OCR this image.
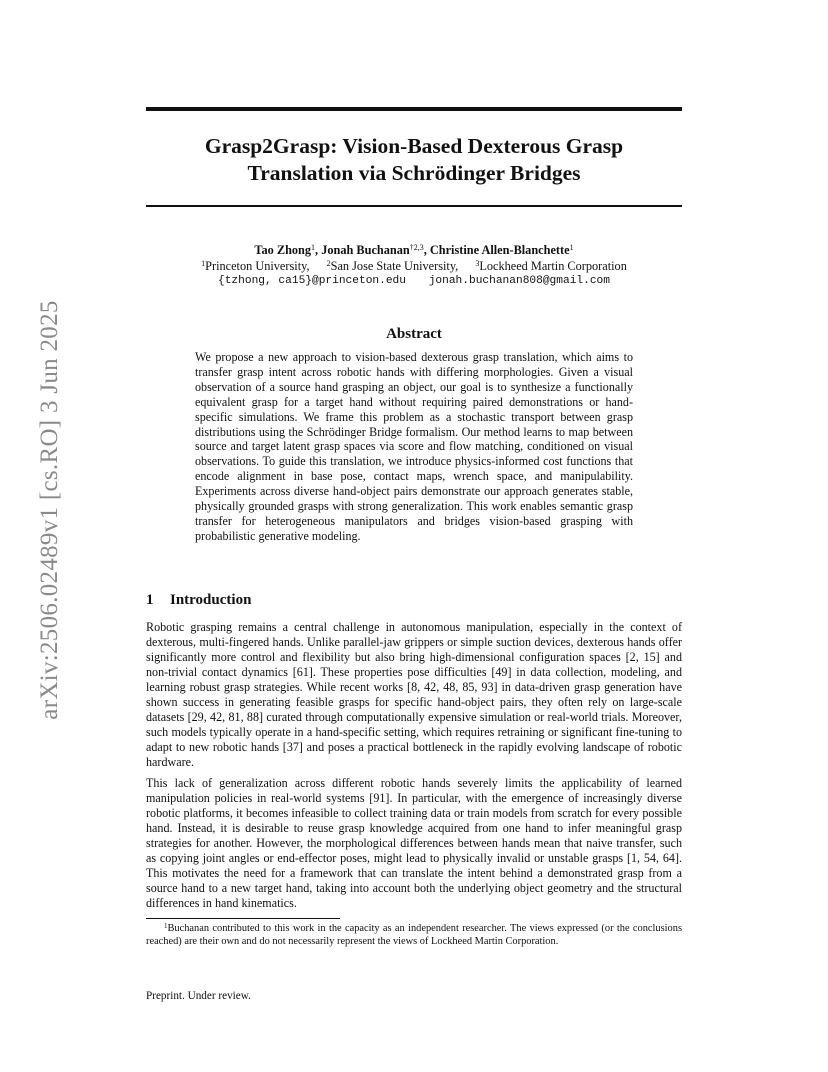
arXiv:2506.02489v1 [cs.RO] 3 Jun 2025
Grasp2Grasp: Vision-Based Dexterous Grasp
Translation via Schrödinger Bridges
Tao Zhong$^1$, Jonah Buchanan$^{\dagger 2,3}$, Christine Allen-Blanchette$^1$
$^1$Princeton University, $^2$San Jose State University, $^3$Lockheed Martin Corporation
{tzhong, ca15}@princeton.edu jonah.buchanan808@gmail.com
Abstract
We propose a new approach to vision-based dexterous grasp translation, which aims to transfer grasp intent across robotic hands with differing morphologies. Given a visual observation of a source hand grasping an object, our goal is to synthesize a functionally equivalent grasp for a target hand without requiring paired demonstrations or hand-specific simulations. We frame this problem as a stochastic transport between grasp distributions using the Schrödinger Bridge formalism. Our method learns to map between source and target latent grasp spaces via score and flow matching, conditioned on visual observations. To guide this translation, we introduce physics-informed cost functions that encode alignment in base pose, contact maps, wrench space, and manipulability. Experiments across diverse hand-object pairs demonstrate our approach generates stable, physically grounded grasps with strong generalization. This work enables semantic grasp transfer for heterogeneous manipulators and bridges vision-based grasping with probabilistic generative modeling.
1 Introduction
Robotic grasping remains a central challenge in autonomous manipulation, especially in the context of dexterous, multi-fingered hands. Unlike parallel-jaw grippers or simple suction devices, dexterous hands offer significantly more control and flexibility but also bring high-dimensional configuration spaces [2, 15] and non-trivial contact dynamics [61]. These properties pose difficulties [49] in data collection, modeling, and learning robust grasp strategies. While recent works [8, 42, 48, 85, 93] in data-driven grasp generation have shown success in generating feasible grasps for specific hand-object pairs, they often rely on large-scale datasets [29, 42, 81, 88] curated through computationally expensive simulation or real-world trials. Moreover, such models typically operate in a hand-specific setting, which requires retraining or significant fine-tuning to adapt to new robotic hands [37] and poses a practical bottleneck in the rapidly evolving landscape of robotic hardware.
This lack of generalization across different robotic hands severely limits the applicability of learned manipulation policies in real-world systems [91]. In particular, with the emergence of increasingly diverse robotic platforms, it becomes infeasible to collect training data or train models from scratch for every possible hand. Instead, it is desirable to reuse grasp knowledge acquired from one hand to infer meaningful grasp strategies for another. However, the morphological differences between hands mean that naive transfer, such as copying joint angles or end-effector poses, might lead to physically invalid or unstable grasps [1, 54, 64]. This motivates the need for a framework that can translate the intent behind a demonstrated grasp from a source hand to a new target hand, taking into account both the underlying object geometry and the structural differences in hand kinematics.
$^1$Buchanan contributed to this work in the capacity as an independent researcher. The views expressed (or the conclusions reached) are their own and do not necessarily represent the views of Lockheed Martin Corporation.
Preprint. Under review.
